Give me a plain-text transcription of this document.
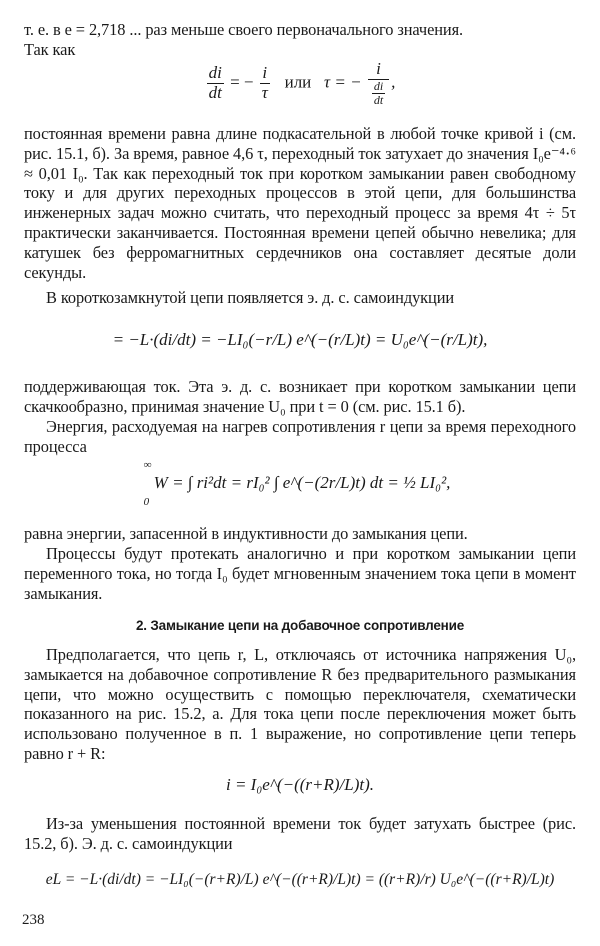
т. е. в e = 2,718 ... раз меньше своего первоначального значения.
Так как
$\frac{di}{dt}$ = − $\frac{i}{\tau}$ или τ = − $\frac{i}{\frac{di}{dt}}$ ,
постоянная времени равна длине подкасательной в любой точке кривой i (см. рис. 15.1, б). За время, равное 4,6 τ, переходный ток затухает до значения I₀e⁻⁴·⁶ ≈ 0,01 I₀. Так как переходный ток при коротком замыкании равен свободному току и для других переходных процессов в этой цепи, для большинства инженерных задач можно считать, что переходный процесс за время 4τ ÷ 5τ практически заканчивается. Постоянная времени цепей обычно невелика; для катушек без ферромагнитных сердечников она составляет десятые доли секунды.
В короткозамкнутой цепи появляется э. д. с. самоиндукции
= −L·(di/dt) = −LI₀(−r/L) e^(−(r/L)t) = U₀e^(−(r/L)t),
поддерживающая ток. Эта э. д. с. возникает при коротком замыкании цепи скачкообразно, принимая значение U₀ при t = 0 (см. рис. 15.1 б).
Энергия, расходуемая на нагрев сопротивления r цепи за время переходного процесса
∞
0
W = ∫ ri²dt = rI₀² ∫ e^(−(2r/L)t) dt = ½ LI₀²,
равна энергии, запасенной в индуктивности до замыкания цепи.
Процессы будут протекать аналогично и при коротком замыкании цепи переменного тока, но тогда I₀ будет мгновенным значением тока цепи в момент замыкания.
2. Замыкание цепи на добавочное сопротивление
Предполагается, что цепь r, L, отключаясь от источника напряжения U₀, замыкается на добавочное сопротивление R без предварительного размыкания цепи, что можно осуществить с помощью переключателя, схематически показанного на рис. 15.2, а. Для тока цепи после переключения может быть использовано полученное в п. 1 выражение, но сопротивление цепи теперь равно r + R:
i = I₀e^(−((r+R)/L)t).
Из-за уменьшения постоянной времени ток будет затухать быстрее (рис. 15.2, б). Э. д. с. самоиндукции
eL = −L·(di/dt) = −LI₀(−(r+R)/L) e^(−((r+R)/L)t) = ((r+R)/r) U₀e^(−((r+R)/L)t)
238
